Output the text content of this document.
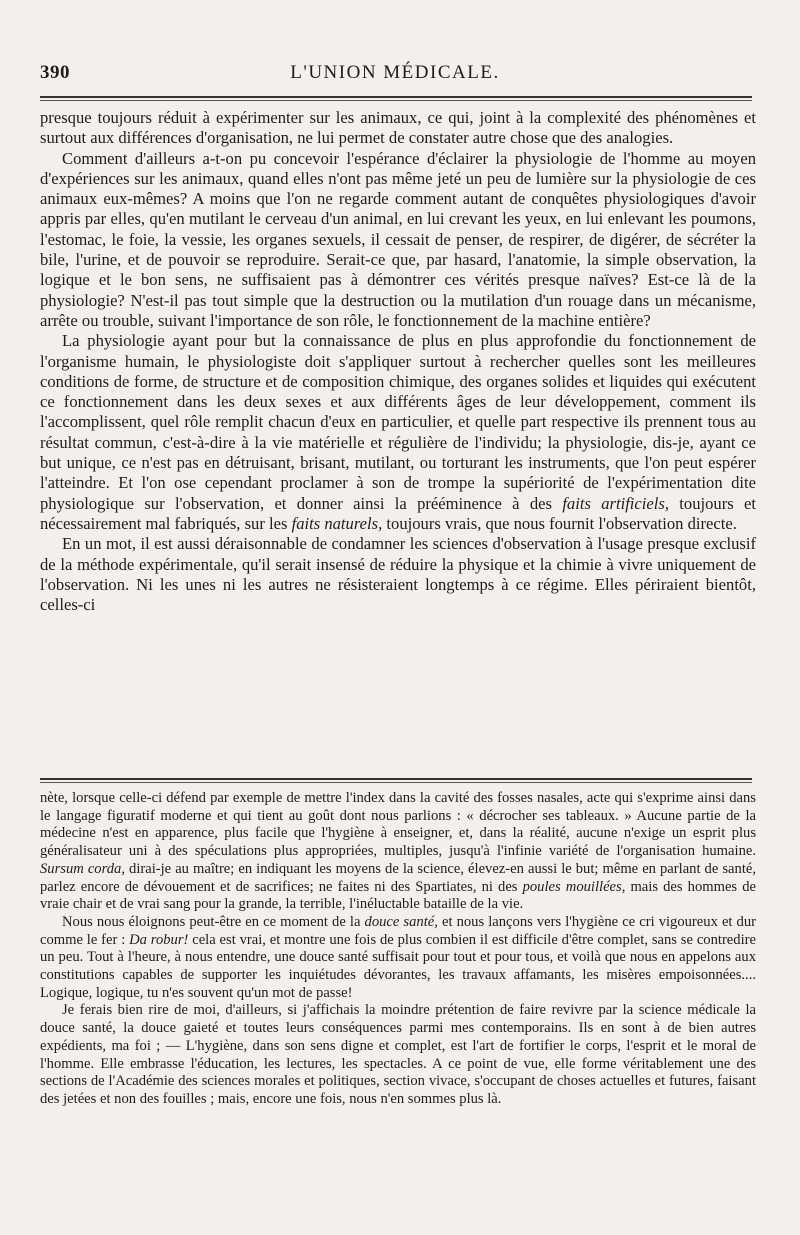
390	L'UNION MÉDICALE.

presque toujours réduit à expérimenter sur les animaux, ce qui, joint à la complexité des phénomènes et surtout aux différences d'organisation, ne lui permet de constater autre chose que des analogies.

Comment d'ailleurs a-t-on pu concevoir l'espérance d'éclairer la physiologie de l'homme au moyen d'expériences sur les animaux, quand elles n'ont pas même jeté un peu de lumière sur la physiologie de ces animaux eux-mêmes? A moins que l'on ne regarde comment autant de conquêtes physiologiques d'avoir appris par elles, qu'en mutilant le cerveau d'un animal, en lui crevant les yeux, en lui enlevant les poumons, l'estomac, le foie, la vessie, les organes sexuels, il cessait de penser, de respirer, de digérer, de sécréter la bile, l'urine, et de pouvoir se reproduire. Serait-ce que, par hasard, l'anatomie, la simple observation, la logique et le bon sens, ne suffisaient pas à démontrer ces vérités presque naïves? Est-ce là de la physiologie? N'est-il pas tout simple que la destruction ou la mutilation d'un rouage dans un mécanisme, arrête ou trouble, suivant l'importance de son rôle, le fonctionnement de la machine entière?

La physiologie ayant pour but la connaissance de plus en plus approfondie du fonctionnement de l'organisme humain, le physiologiste doit s'appliquer surtout à rechercher quelles sont les meilleures conditions de forme, de structure et de composition chimique, des organes solides et liquides qui exécutent ce fonctionnement dans les deux sexes et aux différents âges de leur développement, comment ils l'accomplissent, quel rôle remplit chacun d'eux en particulier, et quelle part respective ils prennent tous au résultat commun, c'est-à-dire à la vie matérielle et régulière de l'individu; la physiologie, dis-je, ayant ce but unique, ce n'est pas en détruisant, brisant, mutilant, ou torturant les instruments, que l'on peut espérer l'atteindre. Et l'on ose cependant proclamer à son de trompe la supériorité de l'expérimentation dite physiologique sur l'observation, et donner ainsi la prééminence à des faits artificiels, toujours et nécessairement mal fabriqués, sur les faits naturels, toujours vrais, que nous fournit l'observation directe.

En un mot, il est aussi déraisonnable de condamner les sciences d'observation à l'usage presque exclusif de la méthode expérimentale, qu'il serait insensé de réduire la physique et la chimie à vivre uniquement de l'observation. Ni les unes ni les autres ne résisteraient longtemps à ce régime. Elles périraient bientôt, celles-ci

nète, lorsque celle-ci défend par exemple de mettre l'index dans la cavité des fosses nasales, acte qui s'exprime ainsi dans le langage figuratif moderne et qui tient au goût dont nous parlions : « décrocher ses tableaux. » Aucune partie de la médecine n'est en apparence, plus facile que l'hygiène à enseigner, et, dans la réalité, aucune n'exige un esprit plus généralisateur uni à des spéculations plus appropriées, multiples, jusqu'à l'infinie variété de l'organisation humaine. Sursum corda, dirai-je au maître; en indiquant les moyens de la science, élevez-en aussi le but; même en parlant de santé, parlez encore de dévouement et de sacrifices; ne faites ni des Spartiates, ni des poules mouillées, mais des hommes de vraie chair et de vrai sang pour la grande, la terrible, l'inéluctable bataille de la vie.

Nous nous éloignons peut-être en ce moment de la douce santé, et nous lançons vers l'hygiène ce cri vigoureux et dur comme le fer : Da robur! cela est vrai, et montre une fois de plus combien il est difficile d'être complet, sans se contredire un peu. Tout à l'heure, à nous entendre, une douce santé suffisait pour tout et pour tous, et voilà que nous en appelons aux constitutions capables de supporter les inquiétudes dévorantes, les travaux affamants, les misères empoisonnées.... Logique, logique, tu n'es souvent qu'un mot de passe!

Je ferais bien rire de moi, d'ailleurs, si j'affichais la moindre prétention de faire revivre par la science médicale la douce santé, la douce gaieté et toutes leurs conséquences parmi mes contemporains. Ils en sont à de bien autres expédients, ma foi ; — L'hygiène, dans son sens digne et complet, est l'art de fortifier le corps, l'esprit et le moral de l'homme. Elle embrasse l'éducation, les lectures, les spectacles. A ce point de vue, elle forme véritablement une des sections de l'Académie des sciences morales et politiques, section vivace, s'occupant de choses actuelles et futures, faisant des jetées et non des fouilles ; mais, encore une fois, nous n'en sommes plus là.
